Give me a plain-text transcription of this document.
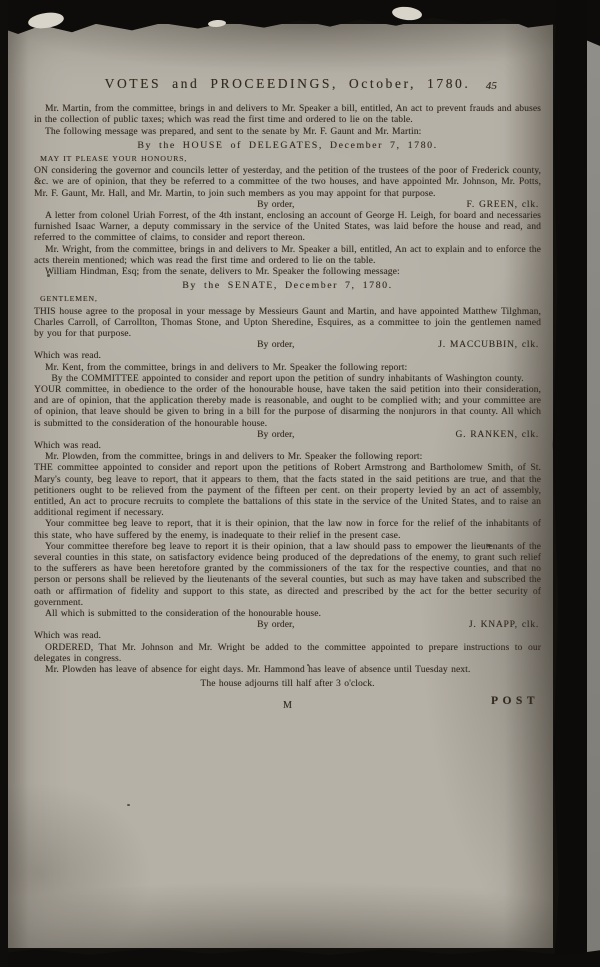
VOTES and PROCEEDINGS, October, 1780. 45

Mr. Martin, from the committee, brings in and delivers to Mr. Speaker a bill, entitled, An act to prevent frauds and abuses in the collection of public taxes; which was read the first time and ordered to lie on the table.

The following message was prepared, and sent to the senate by Mr. F. Gaunt and Mr. Martin:

By the HOUSE of DELEGATES, December 7, 1780.

MAY IT PLEASE YOUR HONOURS,

ON considering the governor and councils letter of yesterday, and the petition of the trustees of the poor of Frederick county, &c. we are of opinion, that they be referred to a committee of the two houses, and have appointed Mr. Johnson, Mr. Potts, Mr. F. Gaunt, Mr. Hall, and Mr. Martin, to join such members as you may appoint for that purpose.

By order,	F. GREEN, clk.

A letter from colonel Uriah Forrest, of the 4th instant, enclosing an account of George H. Leigh, for board and necessaries furnished Isaac Warner, a deputy commissary in the service of the United States, was laid before the house and read, and referred to the committee of claims, to consider and report thereon.

Mr. Wright, from the committee, brings in and delivers to Mr. Speaker a bill, entitled, An act to explain and to enforce the acts therein mentioned; which was read the first time and ordered to lie on the table.

William Hindman, Esq; from the senate, delivers to Mr. Speaker the following message:

By the SENATE, December 7, 1780.

GENTLEMEN,

THIS house agree to the proposal in your message by Messieurs Gaunt and Martin, and have appointed Matthew Tilghman, Charles Carroll, of Carrollton, Thomas Stone, and Upton Sheredine, Esquires, as a committee to join the gentlemen named by you for that purpose.

By order,	J. MACCUBBIN, clk.

Which was read.

Mr. Kent, from the committee, brings in and delivers to Mr. Speaker the following report:

By the COMMITTEE appointed to consider and report upon the petition of sundry inhabitants of Washington county.

YOUR committee, in obedience to the order of the honourable house, have taken the said petition into their consideration, and are of opinion, that the application thereby made is reasonable, and ought to be complied with; and your committee are of opinion, that leave should be given to bring in a bill for the purpose of disarming the nonjurors in that county. All which is submitted to the consideration of the honourable house.

By order,	G. RANKEN, clk.

Which was read.

Mr. Plowden, from the committee, brings in and delivers to Mr. Speaker the following report:

THE committee appointed to consider and report upon the petitions of Robert Armstrong and Bartholomew Smith, of St. Mary's county, beg leave to report, that it appears to them, that the facts stated in the said petitions are true, and that the petitioners ought to be relieved from the payment of the fifteen per cent. on their property levied by an act of assembly, entitled, An act to procure recruits to complete the battalions of this state in the service of the United States, and to raise an additional regiment if necessary.

Your committee beg leave to report, that it is their opinion, that the law now in force for the relief of the inhabitants of this state, who have suffered by the enemy, is inadequate to their relief in the present case.

Your committee therefore beg leave to report it is their opinion, that a law should pass to empower the lieutenants of the several counties in this state, on satisfactory evidence being produced of the depredations of the enemy, to grant such relief to the sufferers as have been heretofore granted by the commissioners of the tax for the respective counties, and that no person or persons shall be relieved by the lieutenants of the several counties, but such as may have taken and subscribed the oath or affirmation of fidelity and support to this state, as directed and prescribed by the act for the better security of government.

All which is submitted to the consideration of the honourable house.

By order,	J. KNAPP, clk.

Which was read.

ORDERED, That Mr. Johnson and Mr. Wright be added to the committee appointed to prepare instructions to our delegates in congress.

Mr. Plowden has leave of absence for eight days. Mr. Hammond has leave of absence until Tuesday next.

The house adjourns till half after 3 o'clock.

M	POST
